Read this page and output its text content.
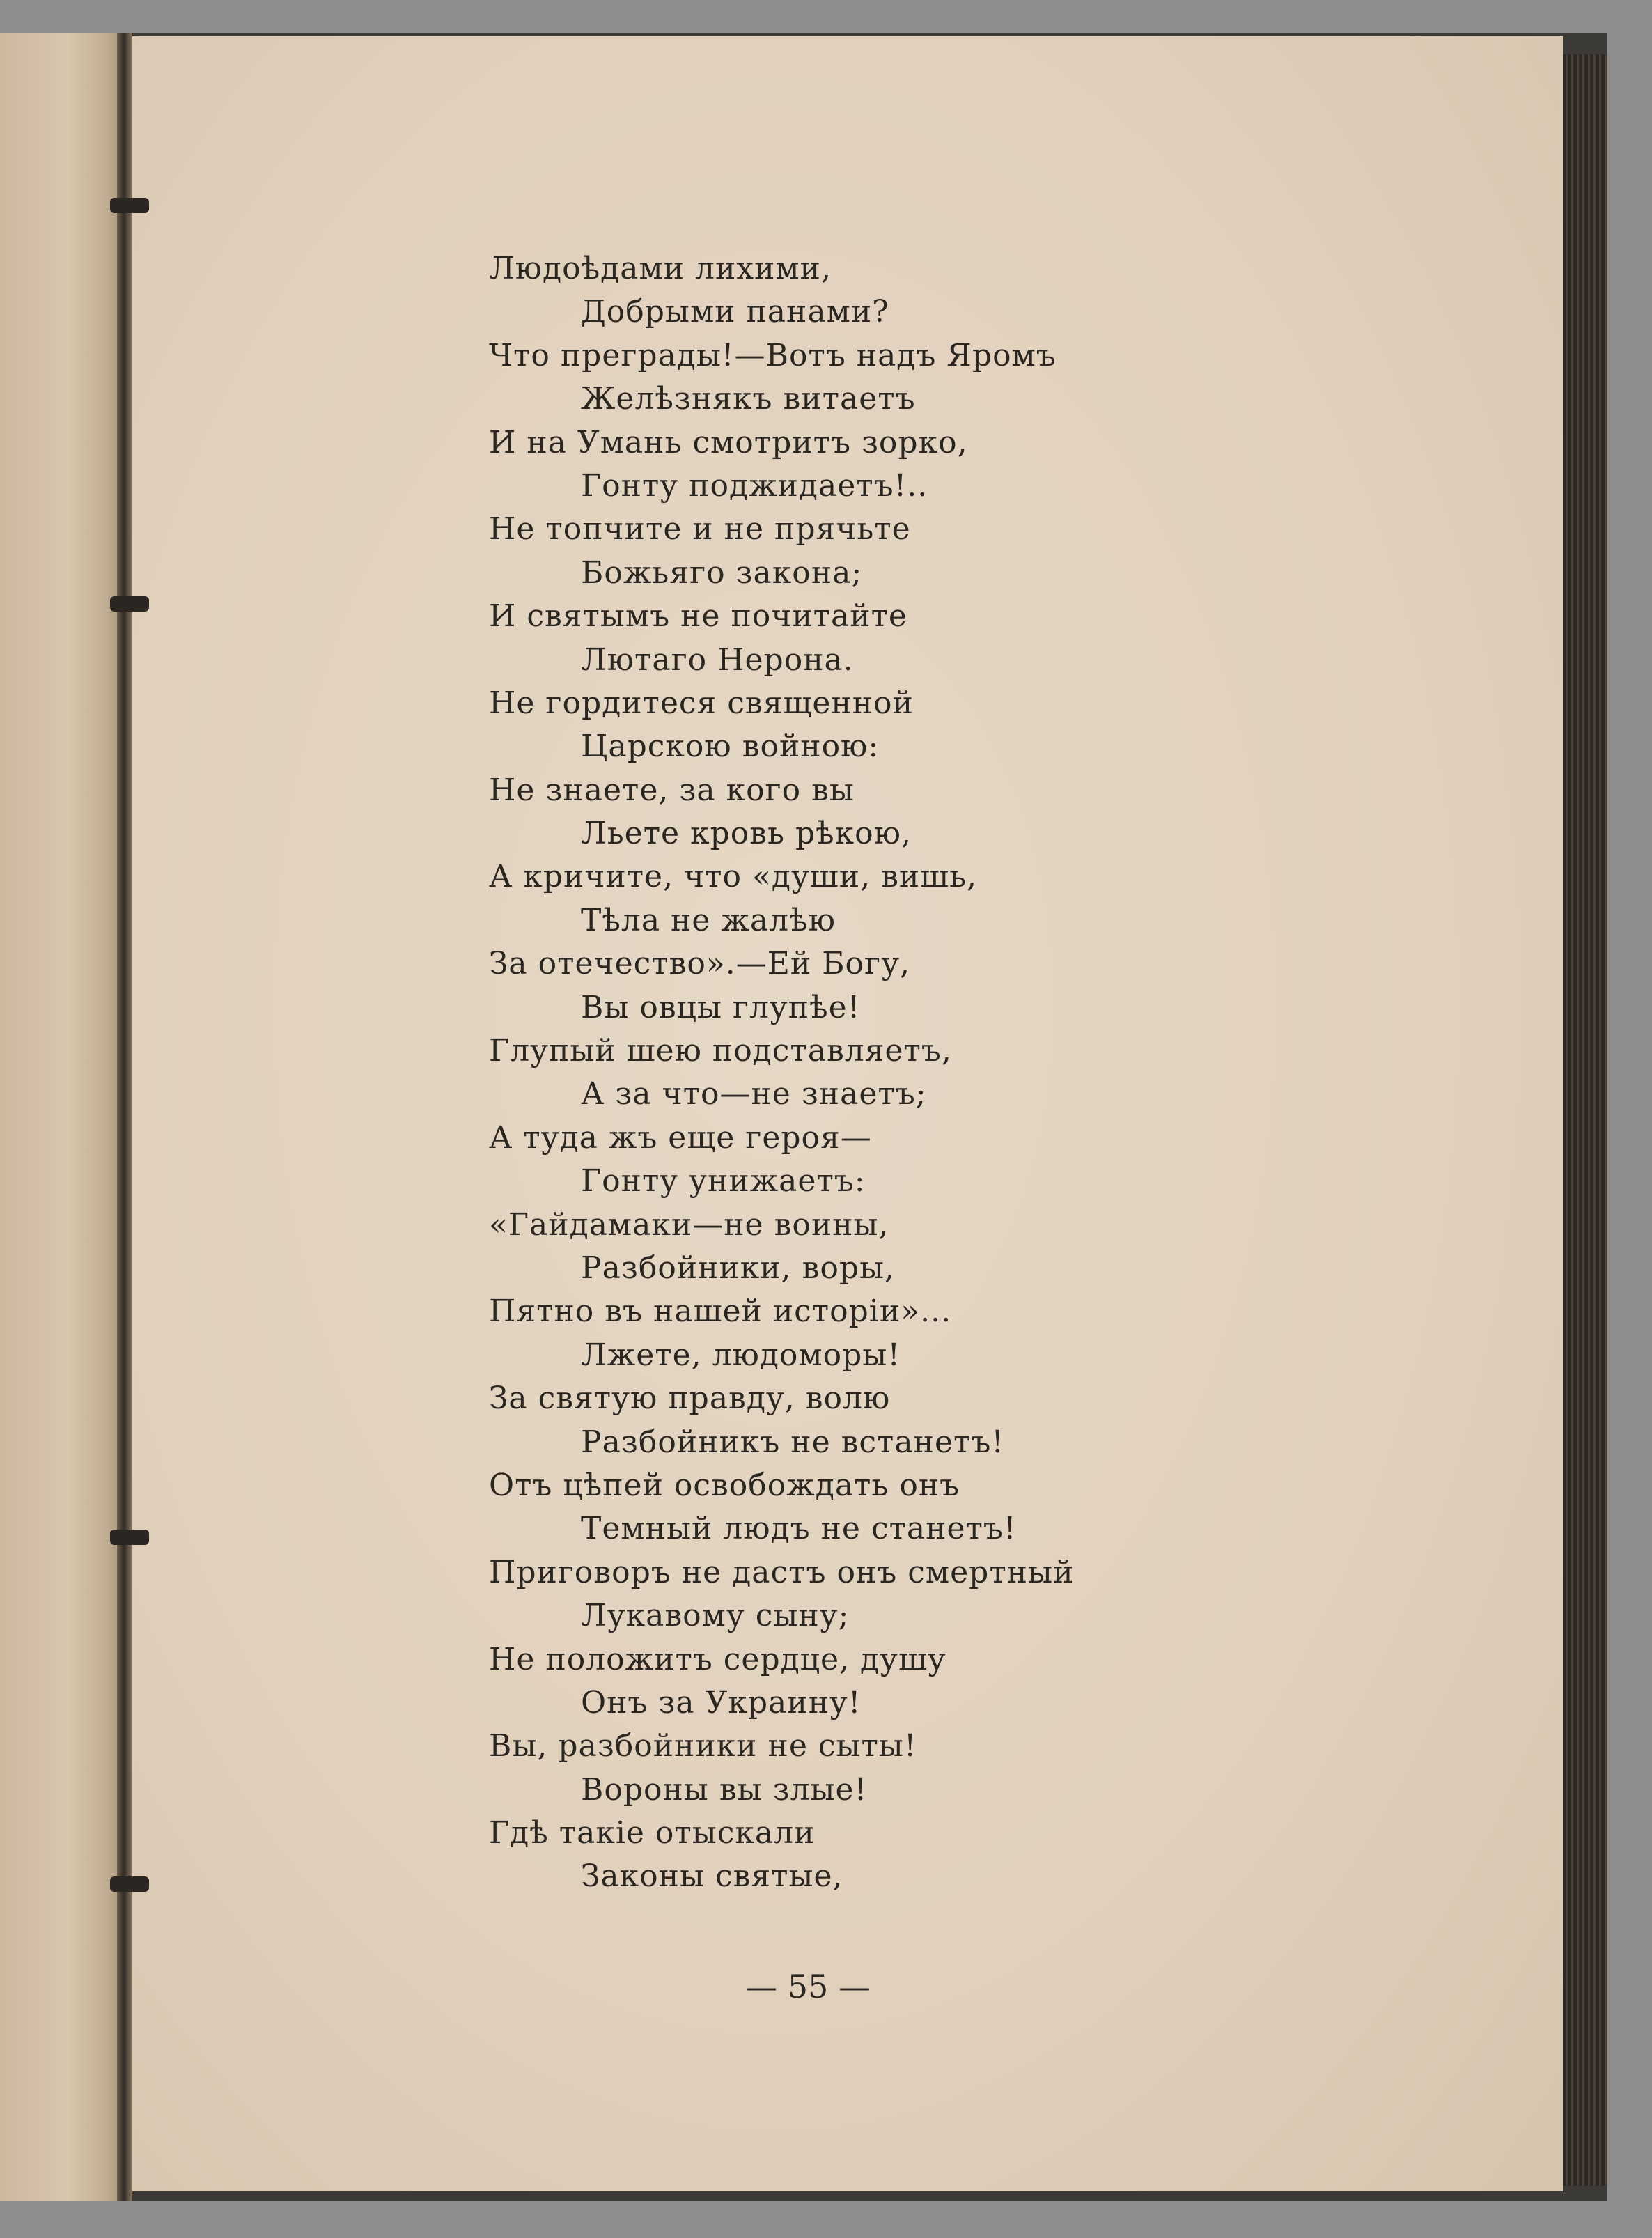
Людоѣдами лихими,
Добрыми панами?
Что преграды!—Вотъ надъ Яромъ
Желѣзнякъ витаетъ
И на Умань смотритъ зорко,
Гонту поджидаетъ!..
Не топчите и не прячьте
Божьяго закона;
И святымъ не почитайте
Лютаго Нерона.
Не гордитеся священной
Царскою войною:
Не знаете, за кого вы
Льете кровь рѣкою,
А кричите, что «души, вишь,
Тѣла не жалѣю
За отечество».—Ей Богу,
Вы овцы глупѣе!
Глупый шею подставляетъ,
А за что—не знаетъ;
А туда жъ еще героя—
Гонту унижаетъ:
«Гайдамаки—не воины,
Разбойники, воры,
Пятно въ нашей исторіи»...
Лжете, людоморы!
За святую правду, волю
Разбойникъ не встанетъ!
Отъ цѣпей освобождать онъ
Темный людъ не станетъ!
Приговоръ не дастъ онъ смертный
Лукавому сыну;
Не положитъ сердце, душу
Онъ за Украину!
Вы, разбойники не сыты!
Вороны вы злые!
Гдѣ такіе отыскали
Законы святые,
— 55 —
